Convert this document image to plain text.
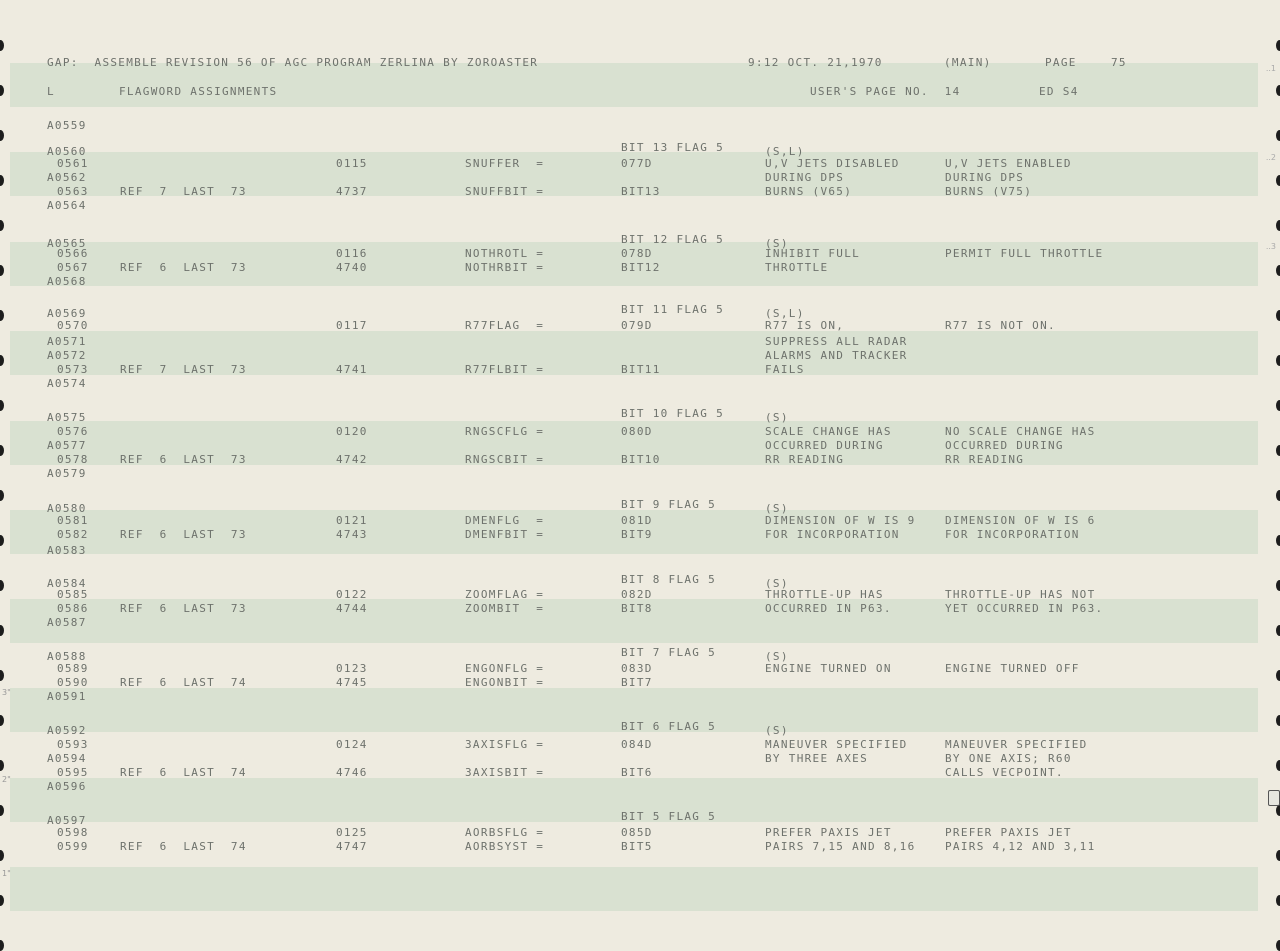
3"
2"
1"
..1
..2
..3
GAP:  ASSEMBLE REVISION 56 OF AGC PROGRAM ZERLINA BY ZOROASTER	9:12 OCT. 21,1970	(MAIN)	PAGE	75
L	FLAGWORD ASSIGNMENTS	USER'S PAGE NO.  14	ED S4
A0559
A0560	BIT 13 FLAG 5	(S,L)
0561	0115	SNUFFER  =	077D	U,V JETS DISABLED	U,V JETS ENABLED
A0562	DURING DPS	DURING DPS
0563	REF  7  LAST  73	4737	SNUFFBIT =	BIT13	BURNS (V65)	BURNS (V75)
A0564
A0565	BIT 12 FLAG 5	(S)
0566	0116	NOTHROTL =	078D	INHIBIT FULL	PERMIT FULL THROTTLE
0567	REF  6  LAST  73	4740	NOTHRBIT =	BIT12	THROTTLE
A0568
A0569	BIT 11 FLAG 5	(S,L)
0570	0117	R77FLAG  =	079D	R77 IS ON,	R77 IS NOT ON.
A0571	SUPPRESS ALL RADAR
A0572	ALARMS AND TRACKER
0573	REF  7  LAST  73	4741	R77FLBIT =	BIT11	FAILS
A0574
A0575	BIT 10 FLAG 5	(S)
0576	0120	RNGSCFLG =	080D	SCALE CHANGE HAS	NO SCALE CHANGE HAS
A0577	OCCURRED DURING	OCCURRED DURING
0578	REF  6  LAST  73	4742	RNGSCBIT =	BIT10	RR READING	RR READING
A0579
A0580	BIT 9 FLAG 5	(S)
0581	0121	DMENFLG  =	081D	DIMENSION OF W IS 9	DIMENSION OF W IS 6
0582	REF  6  LAST  73	4743	DMENFBIT =	BIT9	FOR INCORPORATION	FOR INCORPORATION
A0583
A0584	BIT 8 FLAG 5	(S)
0585	0122	ZOOMFLAG =	082D	THROTTLE-UP HAS	THROTTLE-UP HAS NOT
0586	REF  6  LAST  73	4744	ZOOMBIT  =	BIT8	OCCURRED IN P63.	YET OCCURRED IN P63.
A0587
A0588	BIT 7 FLAG 5	(S)
0589	0123	ENGONFLG =	083D	ENGINE TURNED ON	ENGINE TURNED OFF
0590	REF  6  LAST  74	4745	ENGONBIT =	BIT7
A0591
A0592	BIT 6 FLAG 5	(S)
0593	0124	3AXISFLG =	084D	MANEUVER SPECIFIED	MANEUVER SPECIFIED
A0594	BY THREE AXES	BY ONE AXIS; R60
0595	REF  6  LAST  74	4746	3AXISBIT =	BIT6	CALLS VECPOINT.
A0596
A0597	BIT 5 FLAG 5
0598	0125	AORBSFLG =	085D	PREFER PAXIS JET	PREFER PAXIS JET
0599	REF  6  LAST  74	4747	AORBSYST =	BIT5	PAIRS 7,15 AND 8,16	PAIRS 4,12 AND 3,11
